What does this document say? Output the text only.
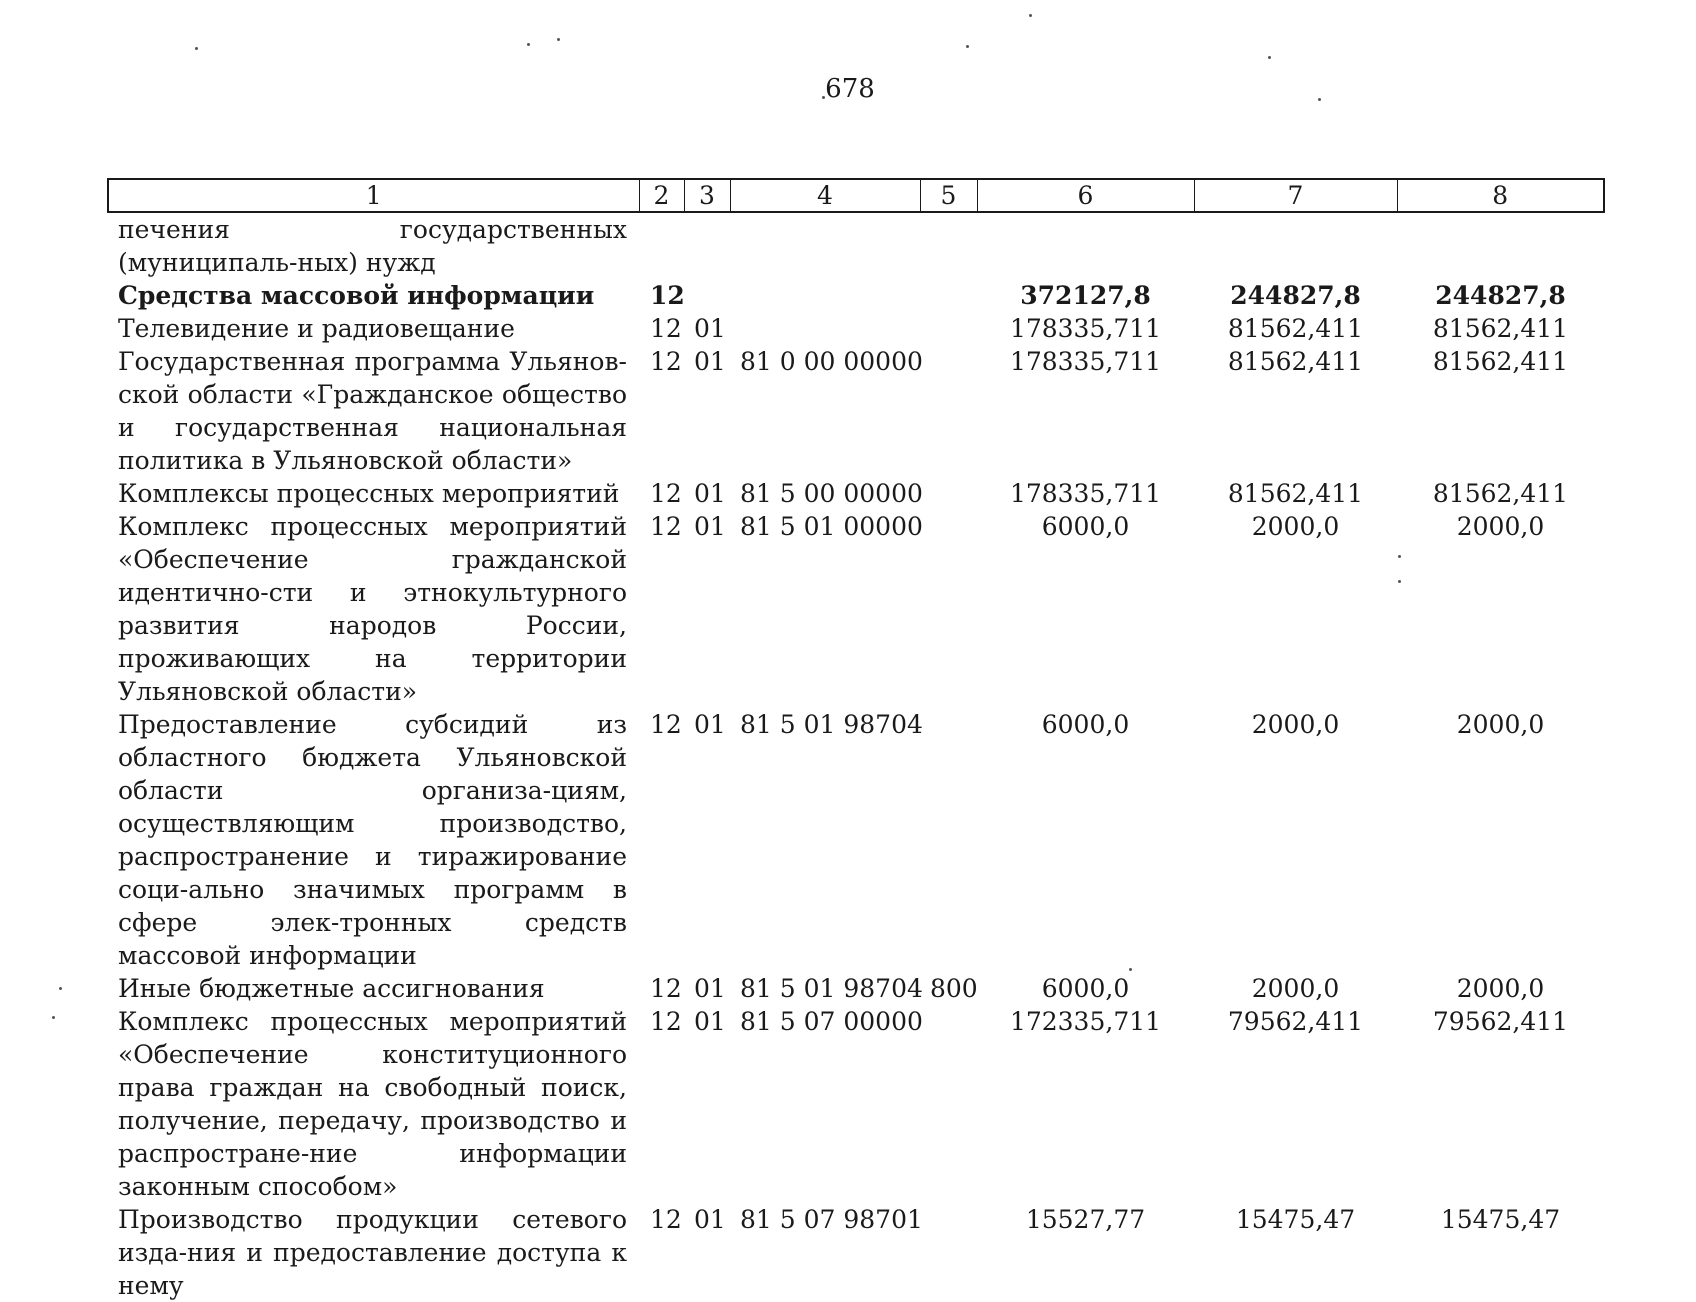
678
1	2	3	4	5	6	7	8
печения государственных (муниципаль-ных) нужд							
Средства массовой информации	12				372127,8	244827,8	244827,8
Телевидение и радиовещание	12	01			178335,711	81562,411	81562,411
Государственная программа Ульянов-ской области «Гражданское общество и государственная национальная политика в Ульяновской области»	12	01	81 0 00 00000		178335,711	81562,411	81562,411
Комплексы процессных мероприятий	12	01	81 5 00 00000		178335,711	81562,411	81562,411
Комплекс процессных мероприятий «Обеспечение гражданской идентично-сти и этнокультурного развития народов России, проживающих на территории Ульяновской области»	12	01	81 5 01 00000		6000,0	2000,0	2000,0
Предоставление субсидий из областного бюджета Ульяновской области организа-циям, осуществляющим производство, распространение и тиражирование соци-ально значимых программ в сфере элек-тронных средств массовой информации	12	01	81 5 01 98704		6000,0	2000,0	2000,0
Иные бюджетные ассигнования	12	01	81 5 01 98704	800	6000,0	2000,0	2000,0
Комплекс процессных мероприятий «Обеспечение конституционного права граждан на свободный поиск, получение, передачу, производство и распростране-ние информации законным способом»	12	01	81 5 07 00000		172335,711	79562,411	79562,411
Производство продукции сетевого изда-ния и предоставление доступа к нему	12	01	81 5 07 98701		15527,77	15475,47	15475,47
